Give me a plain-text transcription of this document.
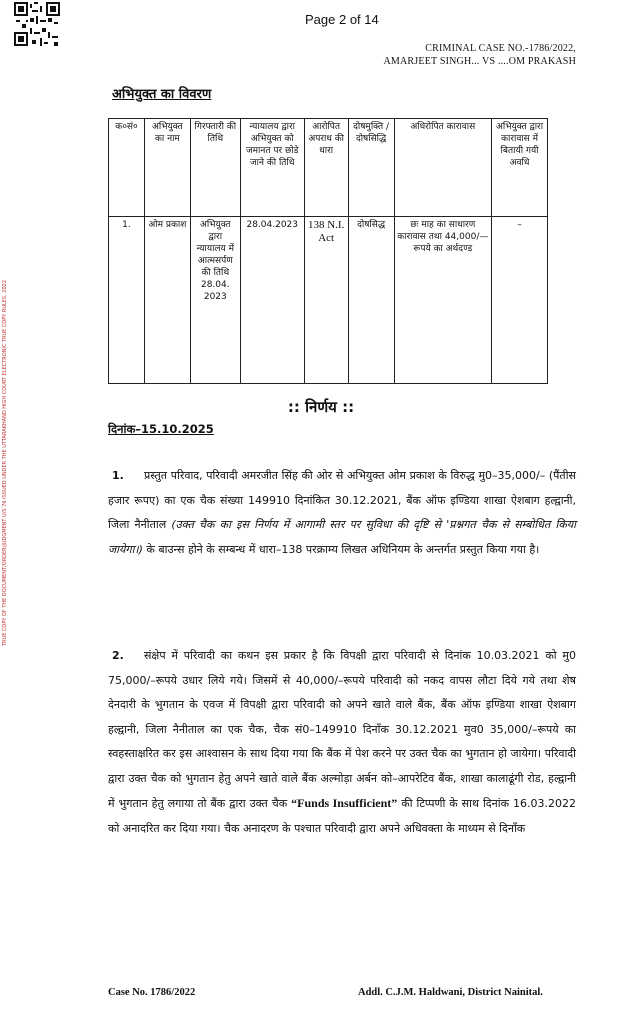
Page 2 of 14
CRIMINAL CASE NO.-1786/2022,
AMARJEET SINGH... VS ....OM PRAKASH
अभियुक्त का विवरण
क०सं०	अभियुक्त का नाम	गिरफ्तारी की तिथि	न्यायालय द्वारा अभियुक्त को जमानत पर छोडे जाने की तिथि	आरोपित अपराध की धारा	दोषमुक्ति / दोषसिद्धि	अधिरोपित कारावास	अभियुक्त द्वारा कारावास में बितायी गयी अवधि
1.	ओम प्रकाश	अभियुक्त द्वारा न्यायालय में आत्मसर्पण की तिथि 28.04. 2023	28.04.2023	138 N.I. Act	दोषसिद्ध	छः माह का साधारण कारावास तथा 44,000/—रूपये का अर्थदण्ड	–
TRUE COPY OF THE DOCUMENT/ORDER/JUDGMENT U/S 76 ISSUED UNDER THE UTTARAKHAND HIGH COURT ELECTRONIC TRUE COPY RULES, 2022	:: निर्णय ::
दिनांक–15.10.2025
1. प्रस्तुत परिवाद, परिवादी अमरजीत सिंह की ओर से अभियुक्त ओम प्रकाश के विरुद्ध मु0–35,000/– (पैंतीस हजार रूपए) का एक चैक संख्या 149910 दिनांकित 30.12.2021, बैंक ऑफ इण्डिया शाखा ऐशबाग हल्द्वानी, जिला नैनीताल (उक्त चैक का इस निर्णय में आगामी स्तर पर सुविधा की दृष्टि से 'प्रश्नगत चैक से सम्बोधित किया जायेगा।) के बाउन्स होने के सम्बन्ध में धारा–138 परक्राम्य लिखत अधिनियम के अन्तर्गत प्रस्तुत किया गया है।
2. संक्षेप में परिवादी का कथन इस प्रकार है कि विपक्षी द्वारा परिवादी से दिनांक 10.03.2021 को मु0 75,000/–रूपये उधार लिये गये। जिसमें से 40,000/–रूपये परिवादी को नकद वापस लौटा दिये गये तथा शेष देनदारी के भुगतान के एवज में विपक्षी द्वारा परिवादी को अपने खाते वाले बैंक, बैंक ऑफ इण्डिया शाखा ऐशबाग हल्द्वानी, जिला नैनीताल का एक चैक, चैक सं0–149910 दिनाँक 30.12.2021 मुव0 35,000/–रूपये का स्वहस्ताक्षरित कर इस आश्वासन के साथ दिया गया कि बैंक में पेश करने पर उक्त चैक का भुगतान हो जायेगा। परिवादी द्वारा उक्त चैक को भुगतान हेतु अपने खाते वाले बैंक अल्मोड़ा अर्बन को–आपरेटिव बैंक, शाखा कालाढूंगी रोड, हल्द्वानी में भुगतान हेतु लगाया तो बैंक द्वारा उक्त चैक “Funds Insufficient” की टिप्पणी के साथ दिनांक 16.03.2022 को अनादरित कर दिया गया। चैक अनादरण के पश्चात परिवादी द्वारा अपने अधिवक्ता के माध्यम से दिनाँक
Case No. 1786/2022	Addl. C.J.M. Haldwani, District Nainital.
